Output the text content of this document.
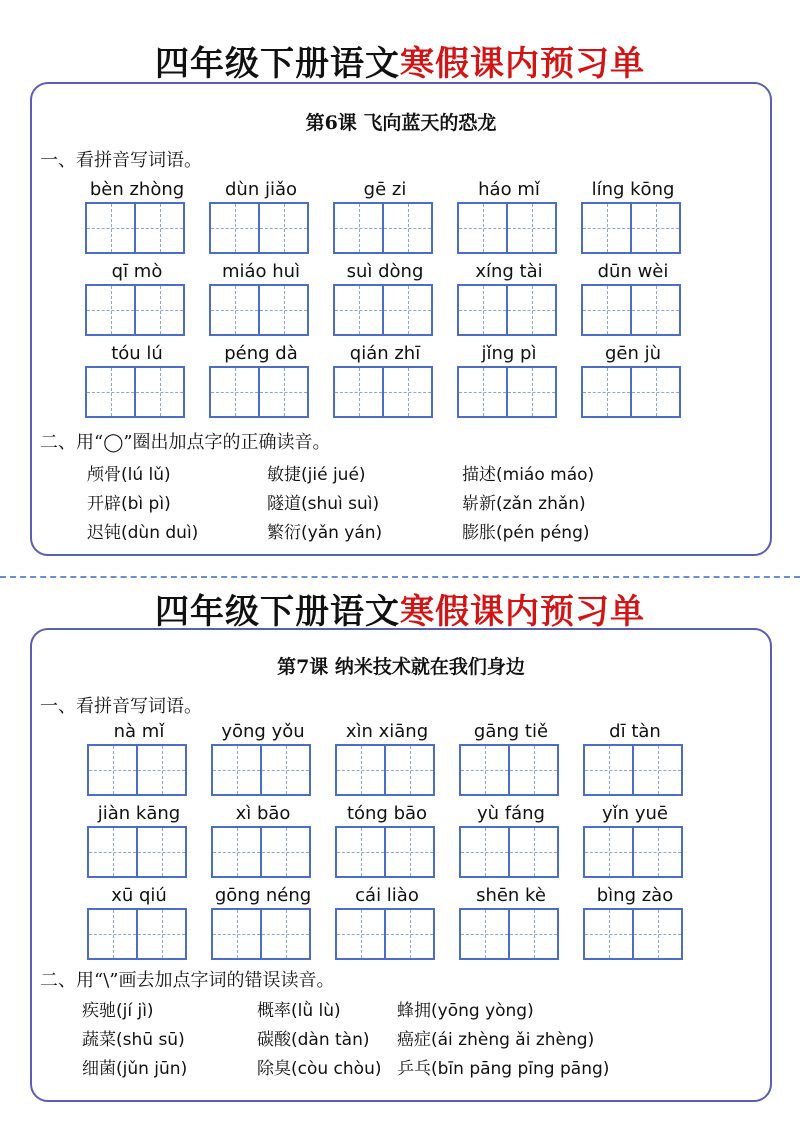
四年级下册语文寒假课内预习单
第6课 飞向蓝天的恐龙
一、看拼音写词语。
bèn zhòng	dùn jiǎo	gē zi	háo mǐ	líng kōng
qī mò	miáo huì	suì dòng	xíng tài	dūn wèi
tóu lú	péng dà	qián zhī	jǐng pì	gēn jù
二、用“◯”圈出加点字的正确读音。
颅骨(lú lǔ)	敏捷(jié jué)	描述(miáo máo)
开辟(bì pì)	隧道(shuì suì)	崭新(zǎn zhǎn)
迟钝(dùn duì)	繁衍(yǎn yán)	膨胀(pén péng)
四年级下册语文寒假课内预习单
第7课 纳米技术就在我们身边
一、看拼音写词语。
nà mǐ	yōng yǒu	xìn xiāng	gāng tiě	dī tàn
jiàn kāng	xì bāo	tóng bāo	yù fáng	yǐn yuē
xū qiú	gōng néng	cái liào	shēn kè	bìng zào
二、用“\”画去加点字词的错误读音。
疾驰(jí jì)	概率(lǜ lù)	蜂拥(yōng yòng)
蔬菜(shū sū)	碳酸(dàn tàn) 癌症(ái zhèng ǎi zhèng)
细菌(jǔn jūn)	除臭(còu chòu) 乒乓(bīn pāng pīng pāng)
